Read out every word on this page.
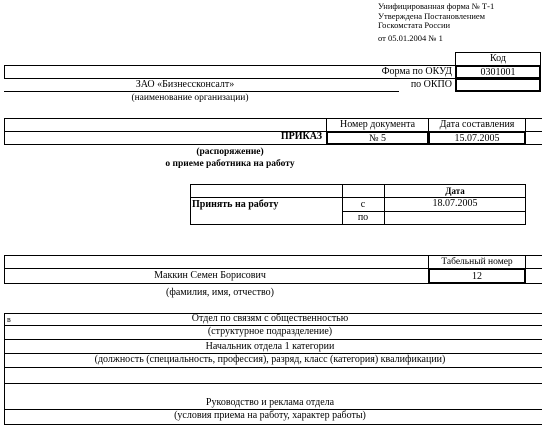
Унифицированная форма № Т-1
Утверждена Постановлением
Госкомстата России
от 05.01.2004 № 1
Код
Форма по ОКУД	0301001
ЗАО «Бизнессконсалт»	по ОКПО
(наименование организации)
Номер документа	Дата составления
ПРИКАЗ	№ 5	15.07.2005
(распоряжение)
о приеме работника на работу
Дата
Принять на работу	с	18.07.2005
по
Табельный номер
Маккин Семен Борисович	12
(фамилия, имя, отчество)
в	Отдел по связям с общественностью
(структурное подразделение)
Начальник отдела 1 категории
(должность (специальность, профессия), разряд, класс (категория) квалификации)
Руководство и реклама отдела
(условия приема на работу, характер работы)
